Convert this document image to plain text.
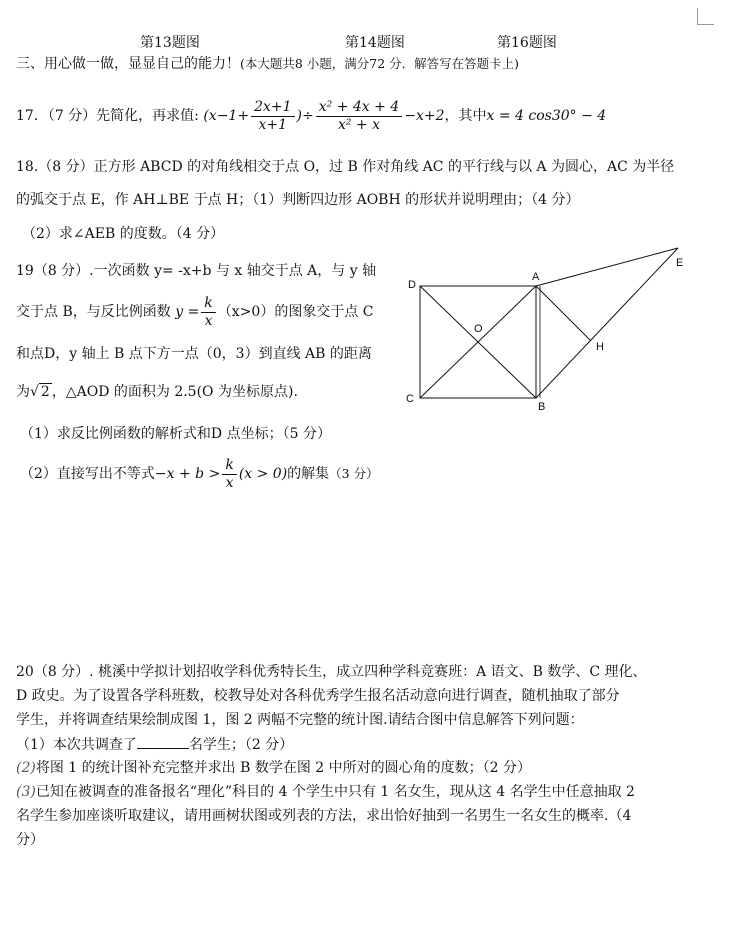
第13题图	第14题图	第16题图
三、用心做一做，显显自己的能力！(本大题共8 小题，满分72 分．解答写在答题卡上)
17．（7 分）先简化，再求值: ($x-1+ \frac{2x+1}{x+1}$ )÷ $\frac{\text{x² + 4x + 4}}{\text{x² + x}} -x+2$，其中x = 4 cos30° − 4
18.（8 分）正方形 ABCD 的对角线相交于点 O，过 B 作对角线 AC 的平行线与以 A 为圆心，AC 为半径
的弧交于点 E，作 AH⊥BE 于点 H；（1）判断四边形 AOBH 的形状并说明理由；（4 分）
（2）求∠AEB 的度数。（4 分）
19（8 分）.一次函数 y= -x+b 与 x 轴交于点 A，与 y 轴
交于点 B，与反比例函数 $y = \frac{k}{x} (x>0)$的图象交于点 C
和点D，y 轴上 B 点下方一点（0，3）到直线 AB 的距离
为√ 2 ，△AOD 的面积为 2.5(O 为坐标原点).
（1）求反比例函数的解析式和D 点坐标；（5 分）
（2）直接写出不等式$-x + b > \frac{k}{x} (x > 0)$的解集（3 分）
D
A
O
C
B
H
E
20（8 分）. 桃溪中学拟计划招收学科优秀特长生，成立四种学科竞赛班：A 语文、B 数学、C 理化、
D 政史。为了设置各学科班数，校教导处对各科优秀学生报名活动意向进行调查，随机抽取了部分
学生，并将调查结果绘制成图 1，图 2 两幅不完整的统计图.请结合图中信息解答下列问题：
（1）本次共调查了	名学生；（2 分）
(2)将图 1 的统计图补充完整并求出 B 数学在图 2 中所对的圆心角的度数；（2 分）
(3)已知在被调查的准备报名“理化”科目的 4 个学生中只有 1 名女生，现从这 4 名学生中任意抽取 2
名学生参加座谈听取建议，请用画树状图或列表的方法，求出恰好抽到一名男生一名女生的概率.（4
分）
